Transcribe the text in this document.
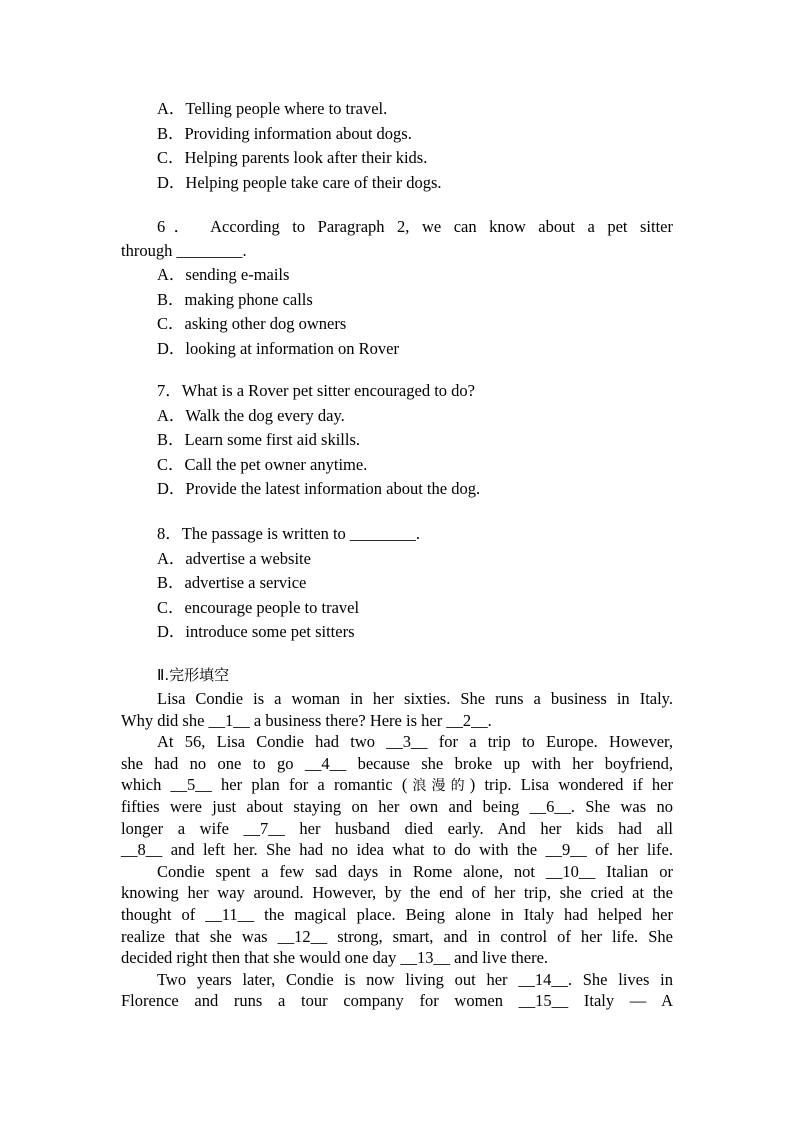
A．Telling people where to travel.
B．Providing information about dogs.
C．Helping parents look after their kids.
D．Helping people take care of their dogs.
6． According to Paragraph 2, we can know about a pet sitter
through ________.
A．sending e-mails
B．making phone calls
C．asking other dog owners
D．looking at information on Rover
7．What is a Rover pet sitter encouraged to do?
A．Walk the dog every day.
B．Learn some first aid skills.
C．Call the pet owner anytime.
D．Provide the latest information about the dog.
8．The passage is written to ________.
A．advertise a website
B．advertise a service
C．encourage people to travel
D．introduce some pet sitters
Ⅱ.完形填空
Lisa Condie is a woman in her sixties. She runs a business in Italy.
Why did she __1__ a business there? Here is her __2__.
At 56, Lisa Condie had two __3__ for a trip to Europe. However,
she had no one to go __4__ because she broke up with her boyfriend,
which __5__ her plan for a romantic (浪漫的) trip. Lisa wondered if her
fifties were just about staying on her own and being __6__. She was no
longer a wife __7__ her husband died early. And her kids had all
__8__ and left her. She had no idea what to do with the __9__ of her life.
Condie spent a few sad days in Rome alone, not __10__ Italian or
knowing her way around. However, by the end of her trip, she cried at the
thought of __11__ the magical place. Being alone in Italy had helped her
realize that she was __12__ strong, smart, and in control of her life. She
decided right then that she would one day __13__ and live there.
Two years later, Condie is now living out her __14__. She lives in
Florence and runs a tour company for women __15__ Italy — A
